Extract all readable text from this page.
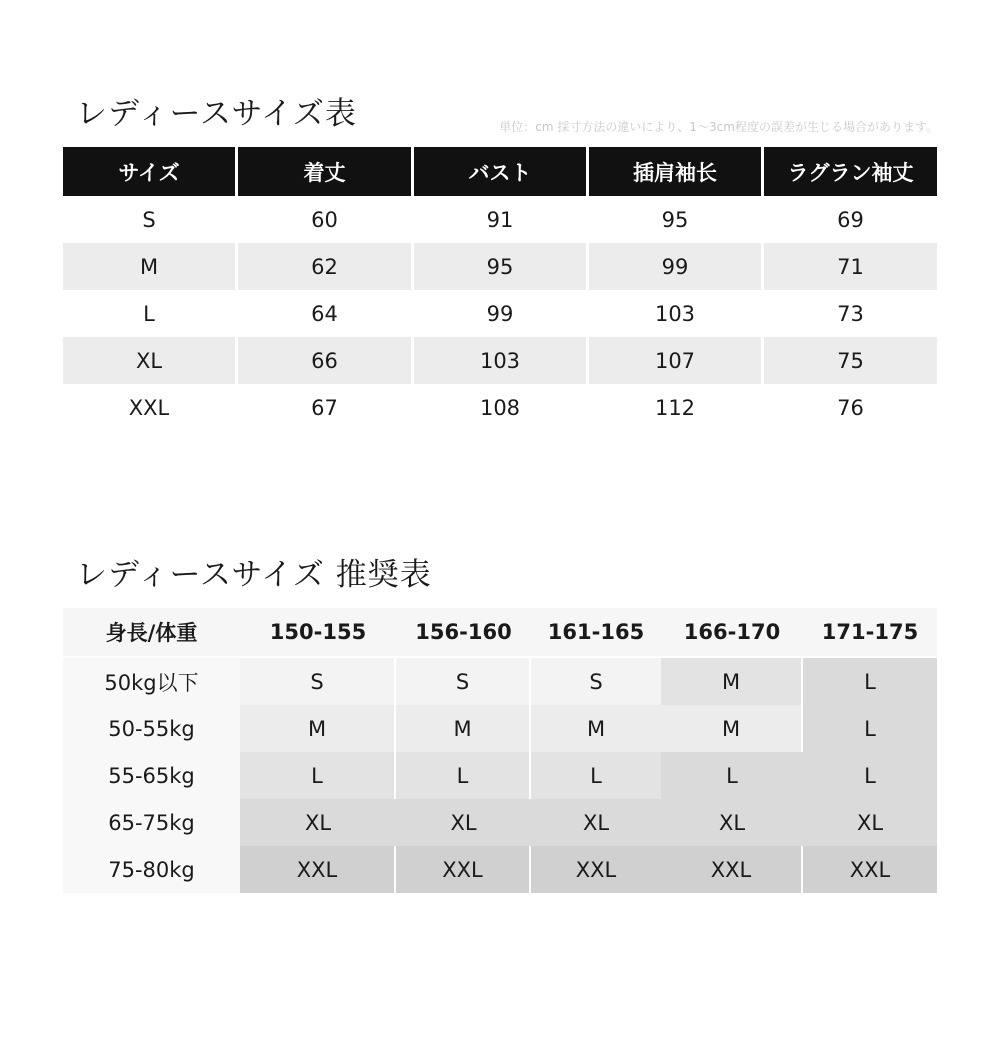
レディースサイズ表	単位：cm 採寸方法の違いにより、1〜3cm程度の誤差が生じる場合があります。
サイズ	着丈	バスト	插肩袖长	ラグラン袖丈
S	60	91	95	69
M	62	95	99	71
L	64	99	103	73
XL	66	103	107	75
XXL	67	108	112	76
レディースサイズ 推奨表
身長/体重	150-155	156-160	161-165	166-170	171-175
50kg以下	S	S	S	M	L
50-55kg	M	M	M	M	L
55-65kg	L	L	L	L	L
65-75kg	XL	XL	XL	XL	XL
75-80kg	XXL	XXL	XXL	XXL	XXL
